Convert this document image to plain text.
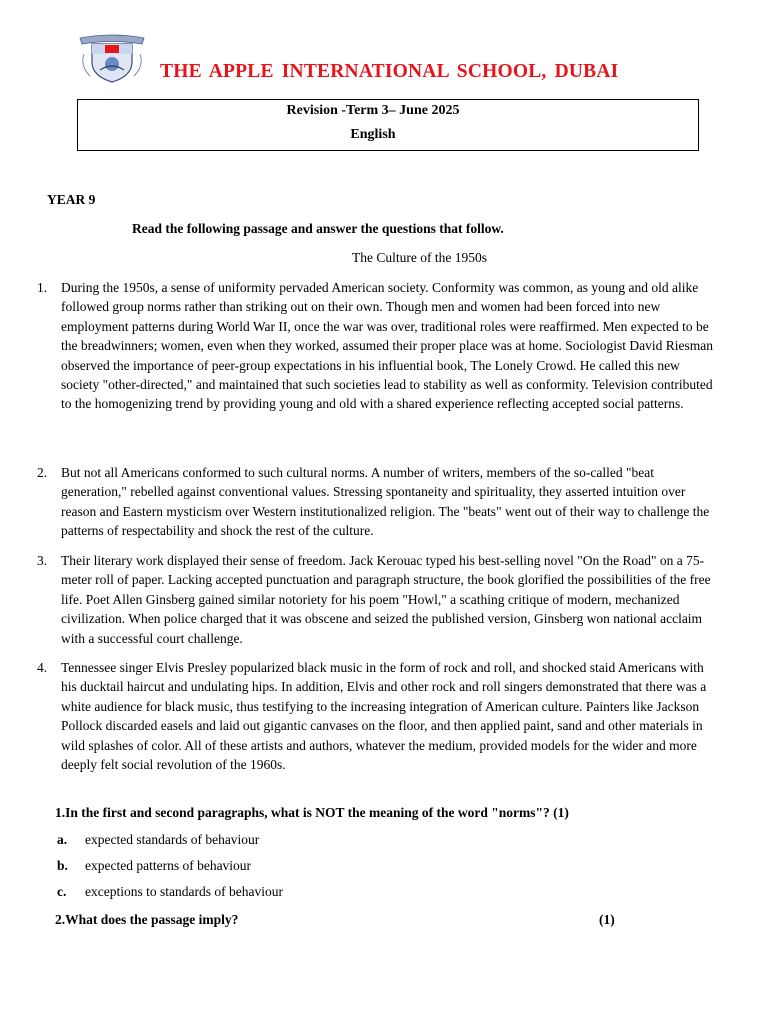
THE APPLE INTERNATIONAL SCHOOL, DUBAI
Revision -Term 3– June 2025
English
YEAR 9
Read the following passage and answer the questions that follow.
The Culture of the 1950s
1. During the 1950s, a sense of uniformity pervaded American society. Conformity was common, as young and old alike followed group norms rather than striking out on their own. Though men and women had been forced into new employment patterns during World War II, once the war was over, traditional roles were reaffirmed. Men expected to be the breadwinners; women, even when they worked, assumed their proper place was at home. Sociologist David Riesman observed the importance of peer-group expectations in his influential book, The Lonely Crowd. He called this new society "other-directed," and maintained that such societies lead to stability as well as conformity. Television contributed to the homogenizing trend by providing young and old with a shared experience reflecting accepted social patterns.
2. But not all Americans conformed to such cultural norms. A number of writers, members of the so-called "beat generation," rebelled against conventional values. Stressing spontaneity and spirituality, they asserted intuition over reason and Eastern mysticism over Western institutionalized religion. The "beats" went out of their way to challenge the patterns of respectability and shock the rest of the culture.
3. Their literary work displayed their sense of freedom. Jack Kerouac typed his best-selling novel "On the Road" on a 75-meter roll of paper. Lacking accepted punctuation and paragraph structure, the book glorified the possibilities of the free life. Poet Allen Ginsberg gained similar notoriety for his poem "Howl," a scathing critique of modern, mechanized civilization. When police charged that it was obscene and seized the published version, Ginsberg won national acclaim with a successful court challenge.
4. Tennessee singer Elvis Presley popularized black music in the form of rock and roll, and shocked staid Americans with his ducktail haircut and undulating hips. In addition, Elvis and other rock and roll singers demonstrated that there was a white audience for black music, thus testifying to the increasing integration of American culture. Painters like Jackson Pollock discarded easels and laid out gigantic canvases on the floor, and then applied paint, sand and other materials in wild splashes of color. All of these artists and authors, whatever the medium, provided models for the wider and more deeply felt social revolution of the 1960s.
1.In the first and second paragraphs, what is NOT the meaning of the word "norms"? (1)
a. expected standards of behaviour
b. expected patterns of behaviour
c. exceptions to standards of behaviour
2.What does the passage imply?	(1)
